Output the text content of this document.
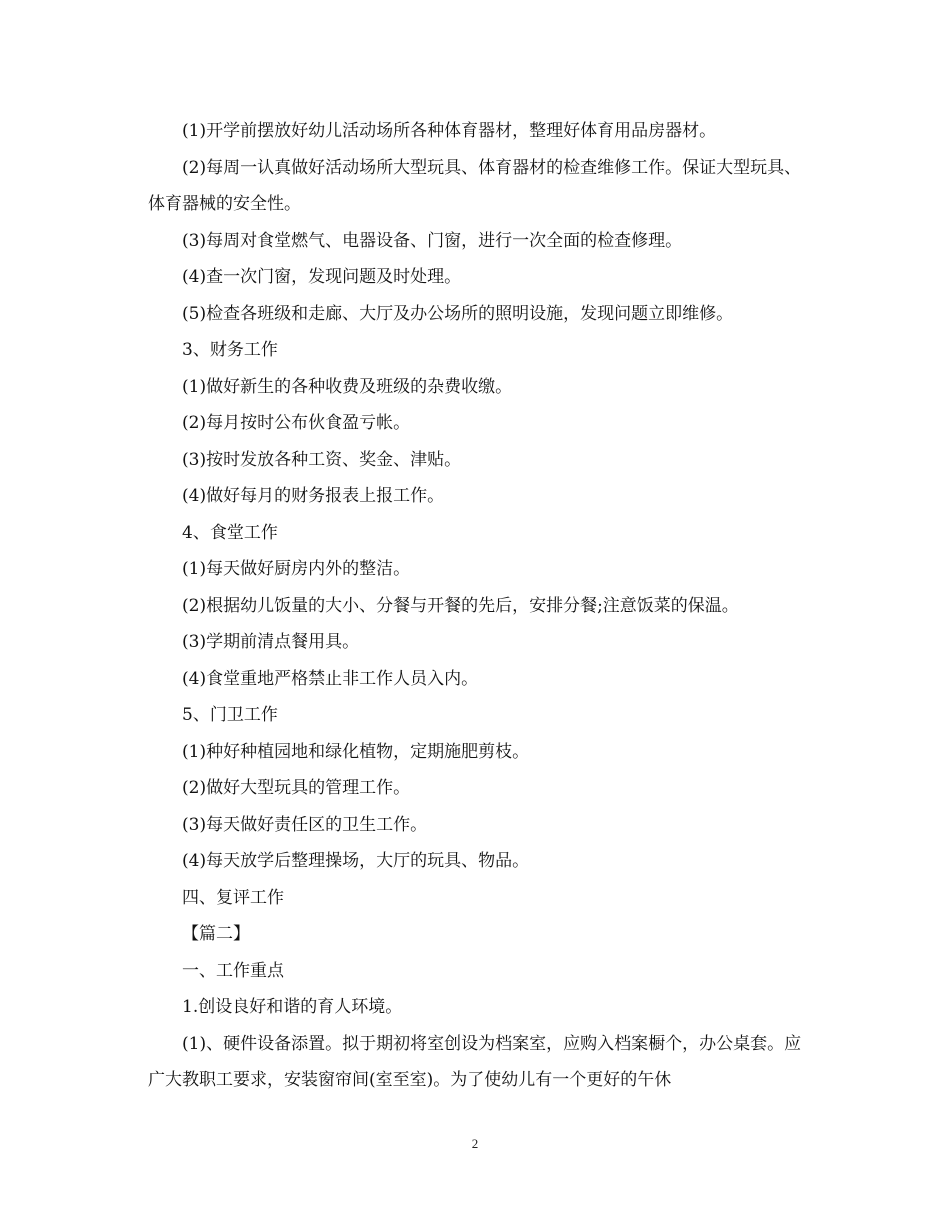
(1)开学前摆放好幼儿活动场所各种体育器材，整理好体育用品房器材。

(2)每周一认真做好活动场所大型玩具、体育器材的检查维修工作。保证大型玩具、体育器械的安全性。

(3)每周对食堂燃气、电器设备、门窗，进行一次全面的检查修理。

(4)查一次门窗，发现问题及时处理。

(5)检查各班级和走廊、大厅及办公场所的照明设施，发现问题立即维修。

3、财务工作

(1)做好新生的各种收费及班级的杂费收缴。

(2)每月按时公布伙食盈亏帐。

(3)按时发放各种工资、奖金、津贴。

(4)做好每月的财务报表上报工作。

4、食堂工作

(1)每天做好厨房内外的整洁。

(2)根据幼儿饭量的大小、分餐与开餐的先后，安排分餐;注意饭菜的保温。

(3)学期前清点餐用具。

(4)食堂重地严格禁止非工作人员入内。

5、门卫工作

(1)种好种植园地和绿化植物，定期施肥剪枝。

(2)做好大型玩具的管理工作。

(3)每天做好责任区的卫生工作。

(4)每天放学后整理操场，大厅的玩具、物品。

四、复评工作

【篇二】

一、工作重点

1.创设良好和谐的育人环境。

(1)、硬件设备添置。拟于期初将室创设为档案室，应购入档案橱个，办公桌套。应广大教职工要求，安装窗帘间(室至室)。为了使幼儿有一个更好的午休

2
